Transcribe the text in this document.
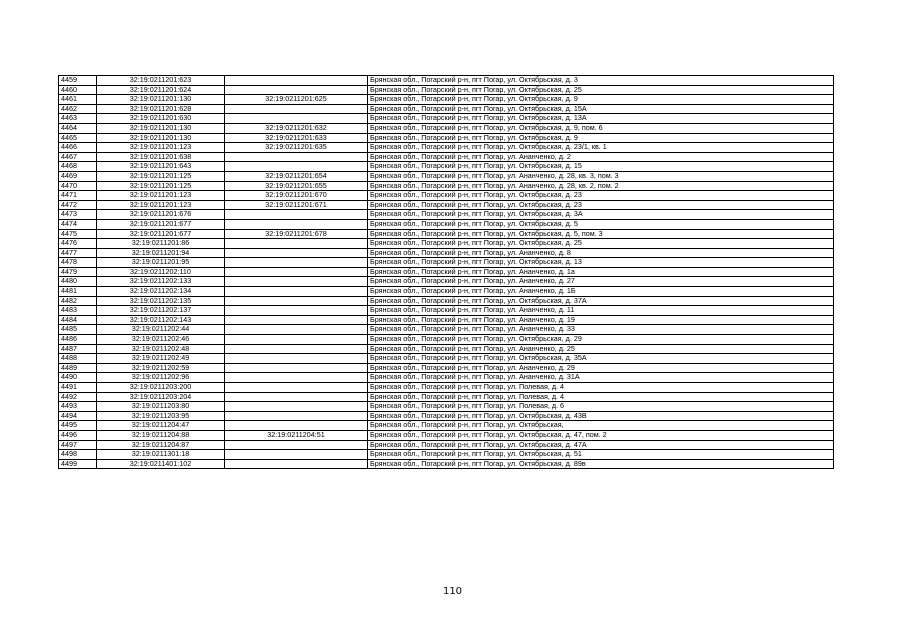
4459	32:19:0211201:623		Брянская обл., Погарский р-н, пгт Погар, ул. Октябрьская, д. 3
4460	32:19:0211201:624		Брянская обл., Погарский р-н, пгт Погар, ул. Октябрьская, д. 25
4461	32:19:0211201:130	32:19:0211201:625	Брянская обл., Погарский р-н, пгт Погар, ул. Октябрьская, д. 9
4462	32:19:0211201:628		Брянская обл., Погарский р-н, пгт Погар, ул. Октябрьская, д. 15А
4463	32:19:0211201:630		Брянская обл., Погарский р-н, пгт Погар, ул. Октябрьская, д. 13А
4464	32:19:0211201:130	32:19:0211201:632	Брянская обл., Погарский р-н, пгт Погар, ул. Октябрьская, д. 9, пом. 6
4465	32:19:0211201:130	32:19:0211201:633	Брянская обл., Погарский р-н, пгт Погар, ул. Октябрьская, д. 9
4466	32:19:0211201:123	32:19:0211201:635	Брянская обл., Погарский р-н, пгт Погар, ул. Октябрьская, д. 23/1, кв. 1
4467	32:19:0211201:638		Брянская обл., Погарский р-н, пгт Погар, ул. Ананченко, д. 2
4468	32:19:0211201:643		Брянская обл., Погарский р-н, пгт Погар, ул. Октябрьская, д. 15
4469	32:19:0211201:125	32:19:0211201:654	Брянская обл., Погарский р-н, пгт Погар, ул. Ананченко, д. 28, кв. 3, пом. 3
4470	32:19:0211201:125	32:19:0211201:655	Брянская обл., Погарский р-н, пгт Погар, ул. Ананченко, д. 28, кв. 2, пом. 2
4471	32:19:0211201:123	32:19:0211201:670	Брянская обл., Погарский р-н, пгт Погар, ул. Октябрьская, д. 23
4472	32:19:0211201:123	32:19:0211201:671	Брянская обл., Погарский р-н, пгт Погар, ул. Октябрьская, д. 23
4473	32:19:0211201:676		Брянская обл., Погарский р-н, пгт Погар, ул. Октябрьская, д. 3А
4474	32:19:0211201:677		Брянская обл., Погарский р-н, пгт Погар, ул. Октябрьская, д. 5
4475	32:19:0211201:677	32:19:0211201:678	Брянская обл., Погарский р-н, пгт Погар, ул. Октябрьская, д. 5, пом. 3
4476	32:19:0211201:86		Брянская обл., Погарский р-н, пгт Погар, ул. Октябрьская, д. 25
4477	32:19:0211201:94		Брянская обл., Погарский р-н, пгт Погар, ул. Ананченко, д. 8
4478	32:19:0211201:95		Брянская обл., Погарский р-н, пгт Погар, ул. Октябрьская, д. 13
4479	32:19:0211202:110		Брянская обл., Погарский р-н, пгт Погар, ул. Ананченко, д. 1а
4480	32:19:0211202:133		Брянская обл., Погарский р-н, пгт Погар, ул. Ананченко, д. 27
4481	32:19:0211202:134		Брянская обл., Погарский р-н, пгт Погар, ул. Ананченко, д. 1Б
4482	32:19:0211202:135		Брянская обл., Погарский р-н, пгт Погар, ул. Октябрьская, д. 37А
4483	32:19:0211202:137		Брянская обл., Погарский р-н, пгт Погар, ул. Ананченко, д. 11
4484	32:19:0211202:143		Брянская обл., Погарский р-н, пгт Погар, ул. Ананченко, д. 19
4485	32:19:0211202:44		Брянская обл., Погарский р-н, пгт Погар, ул. Ананченко, д. 33
4486	32:19:0211202:46		Брянская обл., Погарский р-н, пгт Погар, ул. Октябрьская, д. 29
4487	32:19:0211202:48		Брянская обл., Погарский р-н, пгт Погар, ул. Ананченко, д. 25
4488	32:19:0211202:49		Брянская обл., Погарский р-н, пгт Погар, ул. Октябрьская, д. 35А
4489	32:19:0211202:59		Брянская обл., Погарский р-н, пгт Погар, ул. Ананченко, д. 29
4490	32:19:0211202:96		Брянская обл., Погарский р-н, пгт Погар, ул. Ананченко, д. 31А
4491	32:19:0211203:200		Брянская обл., Погарский р-н, пгт Погар, ул. Полевая, д. 4
4492	32:19:0211203:204		Брянская обл., Погарский р-н, пгт Погар, ул. Полевая, д. 4
4493	32:19:0211203:80		Брянская обл., Погарский р-н, пгт Погар, ул. Полевая, д. 6
4494	32:19:0211203:95		Брянская обл., Погарский р-н, пгт Погар, ул. Октябрьская, д. 43В
4495	32:19:0211204:47		Брянская обл., Погарский р-н, пгт Погар, ул. Октябрьская,
4496	32:19:0211204:88	32:19:0211204:51	Брянская обл., Погарский р-н, пгт Погар, ул. Октябрьская, д. 47, пом. 2
4497	32:19:0211204:87		Брянская обл., Погарский р-н, пгт Погар, ул. Октябрьская, д. 47А
4498	32:19:0211301:18		Брянская обл., Погарский р-н, пгт Погар, ул. Октябрьская, д. 51
4499	32:19:0211401:102		Брянская обл., Погарский р-н, пгт Погар, ул. Октябрьская, д. 89в
110
